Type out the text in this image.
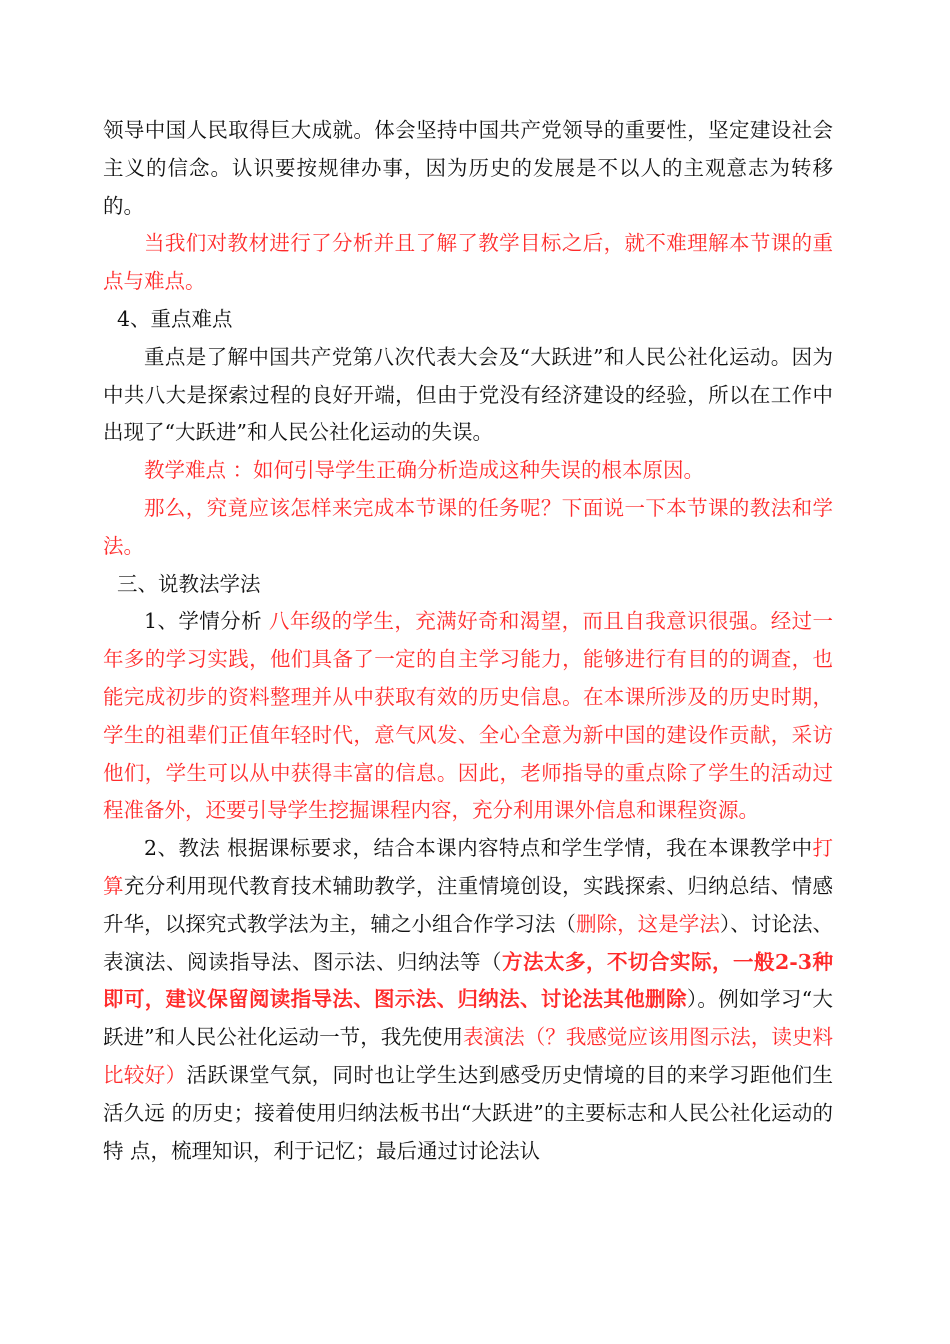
领导中国人民取得巨大成就。体会坚持中国共产党领导的重要性，坚定建设社会主义的信念。认识要按规律办事，因为历史的发展是不以人的主观意志为转移的。

当我们对教材进行了分析并且了解了教学目标之后，就不难理解本节课的重点与难点。

4、重点难点

重点是了解中国共产党第八次代表大会及“大跃进”和人民公社化运动。因为中共八大是探索过程的良好开端，但由于党没有经济建设的经验，所以在工作中出现了“大跃进”和人民公社化运动的失误。

教学难点 ：如何引导学生正确分析造成这种失误的根本原因。

那么，究竟应该怎样来完成本节课的任务呢？下面说一下本节课的教法和学法。

三、说教法学法

1、学情分析 八年级的学生，充满好奇和渴望，而且自我意识很强。经过一年多的学习实践，他们具备了一定的自主学习能力，能够进行有目的的调查，也能完成初步的资料整理并从中获取有效的历史信息。在本课所涉及的历史时期，学生的祖辈们正值年轻时代，意气风发、全心全意为新中国的建设作贡献，采访他们，学生可以从中获得丰富的信息。因此，老师指导的重点除了学生的活动过程准备外，还要引导学生挖掘课程内容，充分利用课外信息和课程资源。

2、教法 根据课标要求，结合本课内容特点和学生学情，我在本课教学中打算充分利用现代教育技术辅助教学，注重情境创设，实践探索、归纳总结、情感升华，以探究式教学法为主，辅之小组合作学习法（删除，这是学法）、讨论法、表演法、阅读指导法、图示法、归纳法等（方法太多，不切合实际，一般2-3种即可，建议保留阅读指导法、图示法、归纳法、讨论法其他删除）。例如学习“大跃进”和人民公社化运动一节，我先使用表演法（？我感觉应该用图示法，读史料比较好）活跃课堂气氛，同时也让学生达到感受历史情境的目的来学习距他们生活久远 的历史；接着使用归纳法板书出“大跃进”的主要标志和人民公社化运动的特 点，梳理知识，利于记忆；最后通过讨论法认
